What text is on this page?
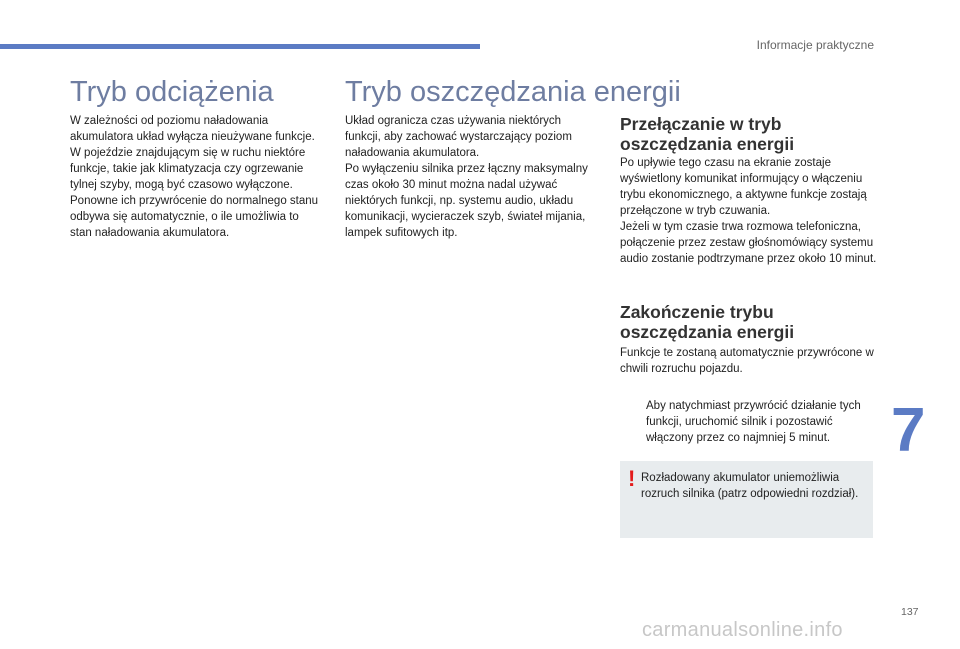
Informacje praktyczne
Tryb odciążenia

W zależności od poziomu naładowania akumulatora układ wyłącza nieużywane funkcje.

W pojeździe znajdującym się w ruchu niektóre funkcje, takie jak klimatyzacja czy ogrzewanie tylnej szyby, mogą być czasowo wyłączone.

Ponowne ich przywrócenie do normalnego stanu odbywa się automatycznie, o ile umożliwia to stan naładowania akumulatora.

Tryb oszczędzania energii

Układ ogranicza czas używania niektórych funkcji, aby zachować wystarczający poziom naładowania akumulatora.

Po wyłączeniu silnika przez łączny maksymalny czas około 30 minut można nadal używać niektórych funkcji, np. systemu audio, układu komunikacji, wycieraczek szyb, świateł mijania, lampek sufitowych itp.

Przełączanie w tryb oszczędzania energii

Po upływie tego czasu na ekranie zostaje wyświetlony komunikat informujący o włączeniu trybu ekonomicznego, a aktywne funkcje zostają przełączone w tryb czuwania.

Jeżeli w tym czasie trwa rozmowa telefoniczna, połączenie przez zestaw głośnomówiący systemu audio zostanie podtrzymane przez około 10 minut.

Zakończenie trybu oszczędzania energii

Funkcje te zostaną automatycznie przywrócone w chwili rozruchu pojazdu.

Aby natychmiast przywrócić działanie tych funkcji, uruchomić silnik i pozostawić włączony przez co najmniej 5 minut.
! Rozładowany akumulator uniemożliwia rozruch silnika (patrz odpowiedni rozdział).
7
137
carmanualsonline.info
